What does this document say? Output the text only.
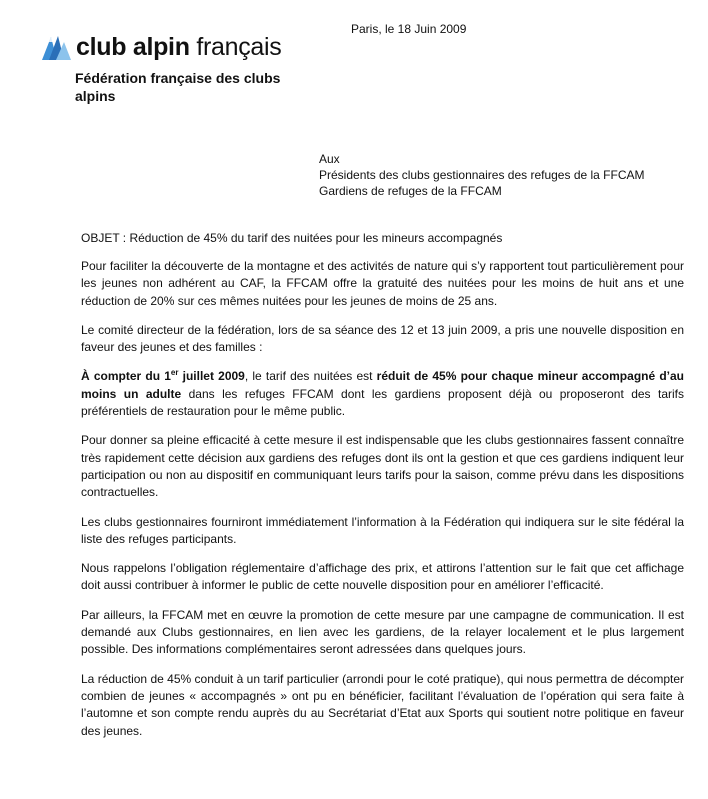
club alpin français
Fédération française des clubs alpins
Paris, le 18 Juin 2009
Aux
Présidents des clubs gestionnaires des refuges de la FFCAM
Gardiens de refuges de la FFCAM
OBJET : Réduction de 45% du tarif des nuitées pour les mineurs accompagnés

Pour faciliter la découverte de la montagne et des activités de nature qui s’y rapportent tout particulièrement pour les jeunes non adhérent au CAF, la FFCAM offre la gratuité des nuitées pour les moins de huit ans et une réduction de 20% sur ces mêmes nuitées pour les jeunes de moins de 25 ans.

Le comité directeur de la fédération, lors de sa séance des 12 et 13 juin 2009, a pris une nouvelle disposition en faveur des jeunes et des familles :

À compter du 1er juillet 2009, le tarif des nuitées est réduit de 45% pour chaque mineur accompagné d’au moins un adulte dans les refuges FFCAM dont les gardiens proposent déjà ou proposeront des tarifs préférentiels de restauration pour le même public.

Pour donner sa pleine efficacité à cette mesure il est indispensable que les clubs gestionnaires fassent connaître très rapidement cette décision aux gardiens des refuges dont ils ont la gestion et que ces gardiens indiquent leur participation ou non au dispositif en communiquant leurs tarifs pour la saison, comme prévu dans les dispositions contractuelles.

Les clubs gestionnaires fourniront immédiatement l’information à la Fédération qui indiquera sur le site fédéral la liste des refuges participants.

Nous rappelons l’obligation réglementaire d’affichage des prix, et attirons l’attention sur le fait que cet affichage doit aussi contribuer à informer le public de cette nouvelle disposition pour en améliorer l’efficacité.

Par ailleurs, la FFCAM met en œuvre la promotion de cette mesure par une campagne de communication. Il est demandé aux Clubs gestionnaires, en lien avec les gardiens, de la relayer localement et le plus largement possible. Des informations complémentaires seront adressées dans quelques jours.

La réduction de 45% conduit à un tarif particulier (arrondi pour le coté pratique), qui nous permettra de décompter combien de jeunes « accompagnés » ont pu en bénéficier, facilitant l’évaluation de l’opération qui sera faite à l’automne et son compte rendu auprès du au Secrétariat d’Etat aux Sports qui soutient notre politique en faveur des jeunes.
